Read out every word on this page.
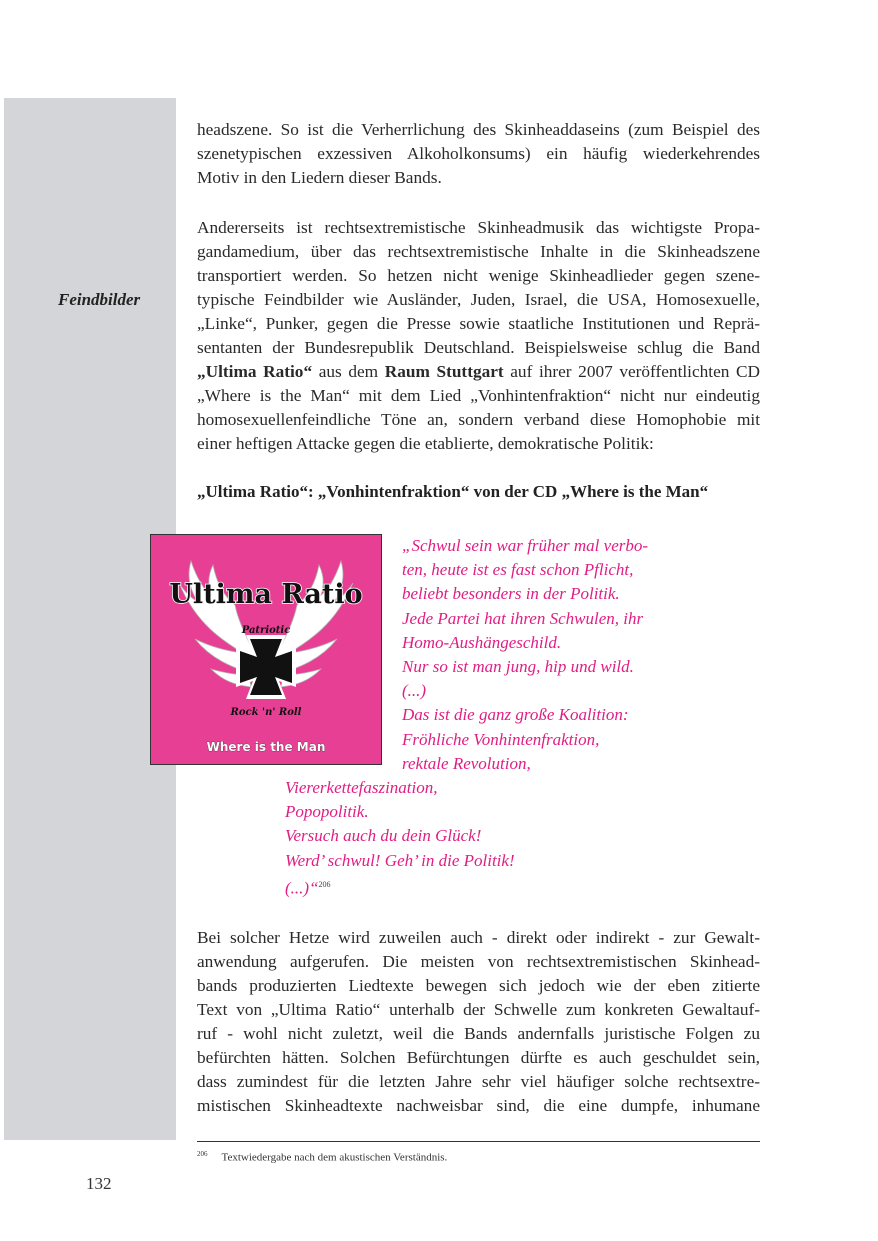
Feindbilder
headszene. So ist die Verherrlichung des Skinheaddaseins (zum Beispiel des
szenetypischen exzessiven Alkoholkonsums) ein häufig wiederkehrendes
Motiv in den Liedern dieser Bands.
Andererseits ist rechtsextremistische Skinheadmusik das wichtigste Propa-
gandamedium, über das rechtsextremistische Inhalte in die Skinheadszene
transportiert werden. So hetzen nicht wenige Skinheadlieder gegen szene-
typische Feindbilder wie Ausländer, Juden, Israel, die USA, Homosexuelle,
„Linke“, Punker, gegen die Presse sowie staatliche Institutionen und Reprä-
sentanten der Bundesrepublik Deutschland. Beispielsweise schlug die Band
„Ultima Ratio“ aus dem Raum Stuttgart auf ihrer 2007 veröffentlichten CD
„Where is the Man“ mit dem Lied „Vonhintenfraktion“ nicht nur eindeutig
homosexuellenfeindliche Töne an, sondern verband diese Homophobie mit
einer heftigen Attacke gegen die etablierte, demokratische Politik:
„Ultima Ratio“: „Vonhintenfraktion“ von der CD „Where is the Man“
Ultima Ratio
Patriotic
Rock 'n' Roll
Where is the Man
„Schwul sein war früher mal verbo-
ten, heute ist es fast schon Pflicht,
beliebt besonders in der Politik.
Jede Partei hat ihren Schwulen, ihr
Homo-Aushängeschild.
Nur so ist man jung, hip und wild.
(...)
Das ist die ganz große Koalition:
Fröhliche Vonhintenfraktion,
rektale Revolution,
Viererkettefaszination,
Popopolitik.
Versuch auch du dein Glück!
Werd’ schwul! Geh’ in die Politik!
(...)“$^{206}$
Bei solcher Hetze wird zuweilen auch - direkt oder indirekt - zur Gewalt-
anwendung aufgerufen. Die meisten von rechtsextremistischen Skinhead-
bands produzierten Liedtexte bewegen sich jedoch wie der eben zitierte
Text von „Ultima Ratio“ unterhalb der Schwelle zum konkreten Gewaltauf-
ruf - wohl nicht zuletzt, weil die Bands andernfalls juristische Folgen zu
befürchten hätten. Solchen Befürchtungen dürfte es auch geschuldet sein,
dass zumindest für die letzten Jahre sehr viel häufiger solche rechtsextre-
mistischen Skinheadtexte nachweisbar sind, die eine dumpfe, inhumane
$^{206}$ Textwiedergabe nach dem akustischen Verständnis.
132
